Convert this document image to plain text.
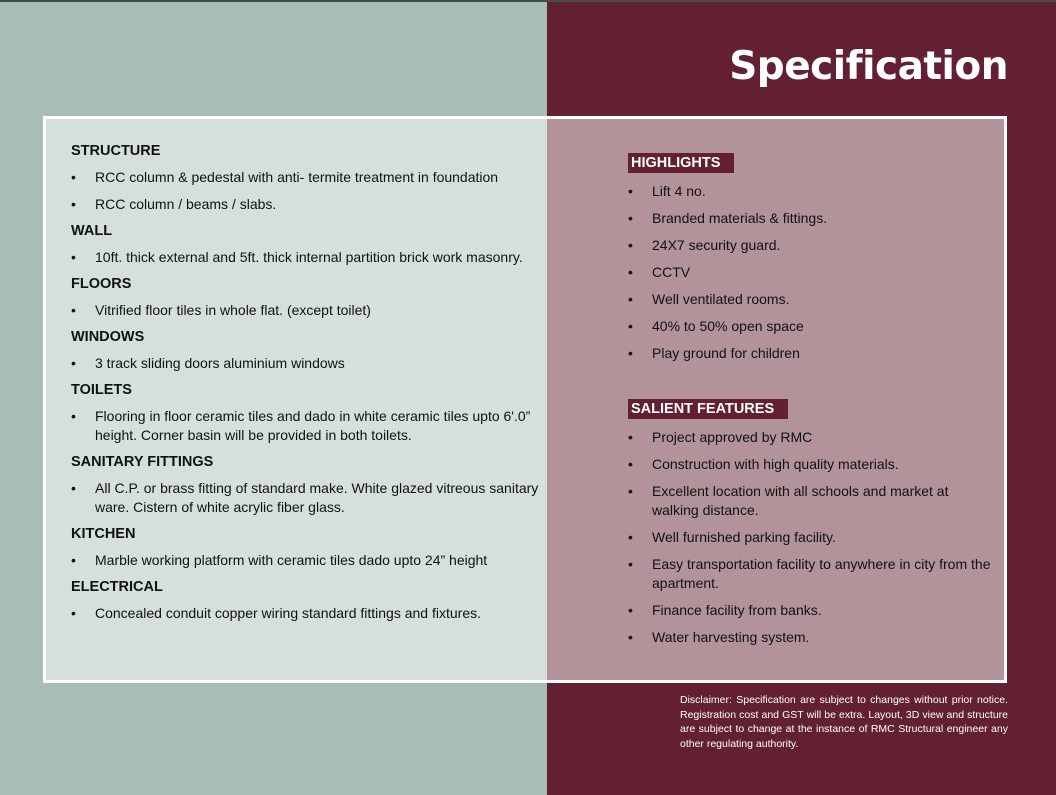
Specification
STRUCTURE
• RCC column & pedestal with anti- termite treatment in foundation
• RCC column / beams / slabs.
WALL
• 10ft. thick external and 5ft. thick internal partition brick work masonry.
FLOORS
• Vitrified floor tiles in whole flat. (except toilet)
WINDOWS
• 3 track sliding doors aluminium windows
TOILETS
• Flooring in floor ceramic tiles and dado in white ceramic tiles upto 6'.0” height. Corner basin will be provided in both toilets.
SANITARY FITTINGS
• All C.P. or brass fitting of standard make. White glazed vitreous sanitary ware. Cistern of white acrylic fiber glass.
KITCHEN
• Marble working platform with ceramic tiles dado upto 24” height
ELECTRICAL
• Concealed conduit copper wiring standard fittings and fixtures.
HIGHLIGHTS
• Lift 4 no.
• Branded materials & fittings.
• 24X7 security guard.
• CCTV
• Well ventilated rooms.
• 40% to 50% open space
• Play ground for children
SALIENT FEATURES
• Project approved by RMC
• Construction with high quality materials.
• Excellent location with all schools and market at walking distance.
• Well furnished parking facility.
• Easy transportation facility to anywhere in city from the apartment.
• Finance facility from banks.
• Water harvesting system.

Disclaimer: Specification are subject to changes without prior notice. Registration cost and GST will be extra. Layout, 3D view and structure are subject to change at the instance of RMC Structural engineer any other regulating authority.
